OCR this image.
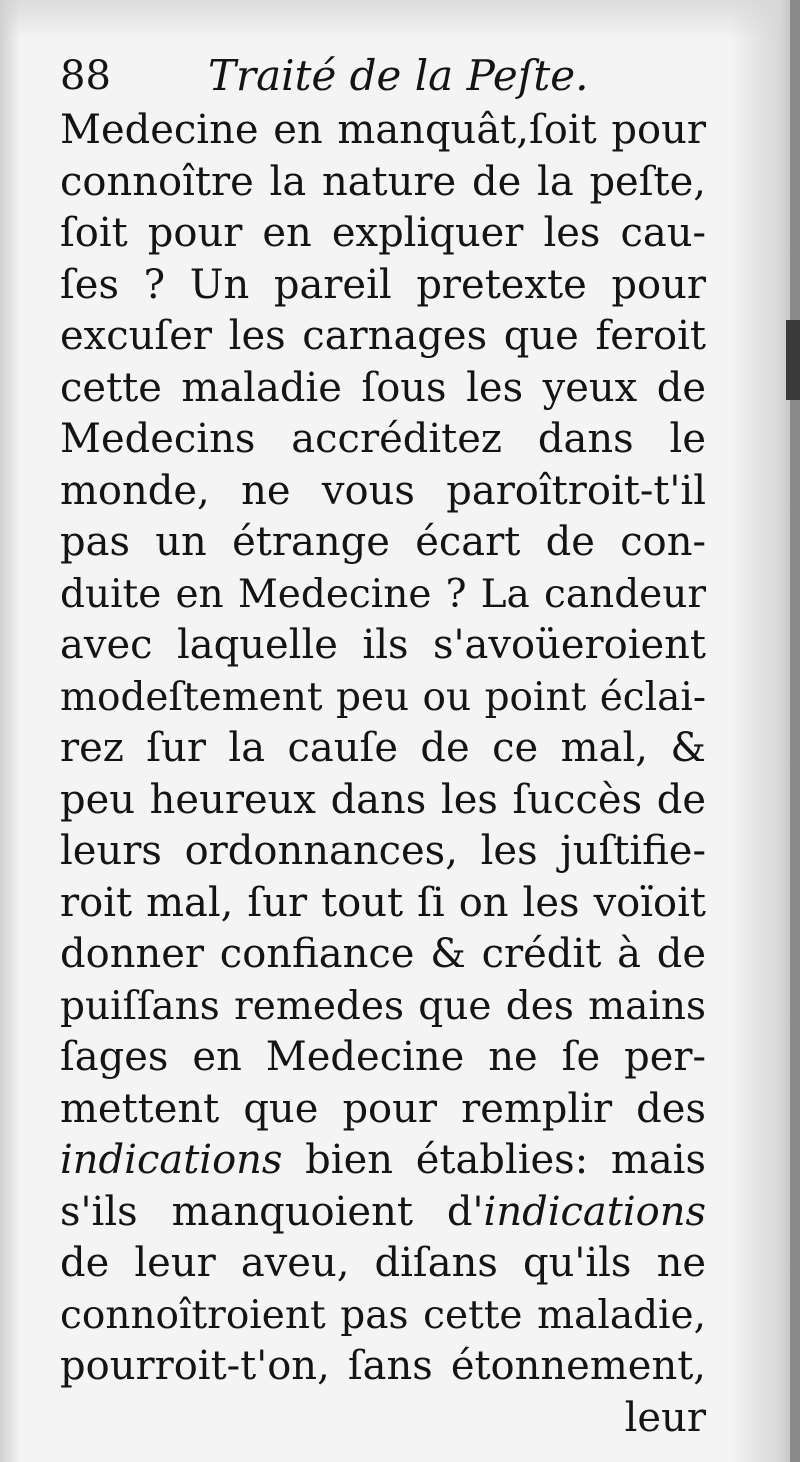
88 Traité de la Peſte.
Medecine en manquât,ſoit pour
connoître la nature de la peſte,
ſoit pour en expliquer les cau-
ſes ? Un pareil pretexte pour
excuſer les carnages que feroit
cette maladie ſous les yeux de
Medecins accréditez dans le
monde, ne vous paroîtroit-t'il
pas un étrange écart de con-
duite en Medecine ? La candeur
avec laquelle ils s'avoüeroient
modeſtement peu ou point éclai-
rez ſur la cauſe de ce mal, &
peu heureux dans les ſuccès de
leurs ordonnances, les juſtifie-
roit mal, ſur tout ſi on les voïoit
donner confiance & crédit à de
puiſſans remedes que des mains
ſages en Medecine ne ſe per-
mettent que pour remplir des
indications bien établies: mais
s'ils manquoient d'indications
de leur aveu, diſans qu'ils ne
connoîtroient pas cette maladie,
pourroit-t'on, ſans étonnement,
leur
